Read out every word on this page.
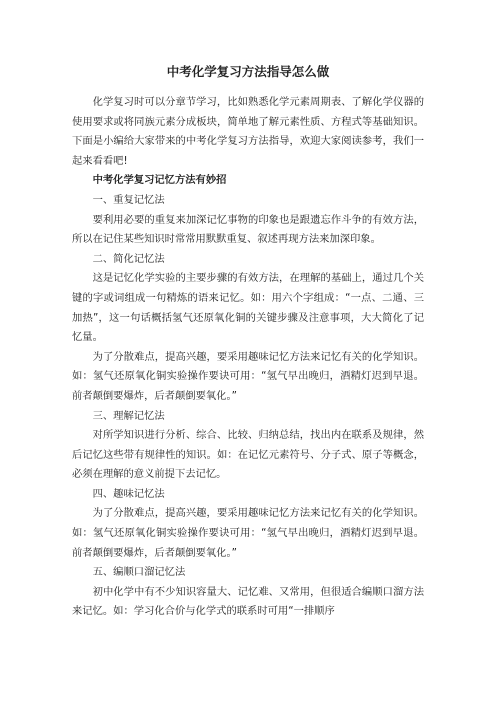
中考化学复习方法指导怎么做

化学复习时可以分章节学习，比如熟悉化学元素周期表、了解化学仪器的使用要求或将同族元素分成板块，简单地了解元素性质、方程式等基础知识。下面是小编给大家带来的中考化学复习方法指导，欢迎大家阅读参考，我们一起来看看吧!

中考化学复习记忆方法有妙招

一、重复记忆法

要利用必要的重复来加深记忆事物的印象也是跟遗忘作斗争的有效方法，所以在记住某些知识时常常用默默重复、叙述再现方法来加深印象。

二、简化记忆法

这是记忆化学实验的主要步骤的有效方法，在理解的基础上，通过几个关键的字或词组成一句精炼的语来记忆。如：用六个字组成：“一点、二通、三加热”，这一句话概括氢气还原氧化铜的关键步骤及注意事项，大大简化了记忆量。

为了分散难点，提高兴趣，要采用趣味记忆方法来记忆有关的化学知识。如：氢气还原氧化铜实验操作要诀可用：“氢气早出晚归，酒精灯迟到早退。前者颠倒要爆炸，后者颠倒要氧化。”

三、理解记忆法

对所学知识进行分析、综合、比较、归纳总结，找出内在联系及规律，然后记忆这些带有规律性的知识。如：在记忆元素符号、分子式、原子等概念，必须在理解的意义前提下去记忆。

四、趣味记忆法

为了分散难点，提高兴趣，要采用趣味记忆方法来记忆有关的化学知识。如：氢气还原氧化铜实验操作要诀可用：“氢气早出晚归，酒精灯迟到早退。前者颠倒要爆炸，后者颠倒要氧化。”

五、编顺口溜记忆法

初中化学中有不少知识容量大、记忆难、又常用，但很适合编顺口溜方法来记忆。如：学习化合价与化学式的联系时可用“一排顺序
